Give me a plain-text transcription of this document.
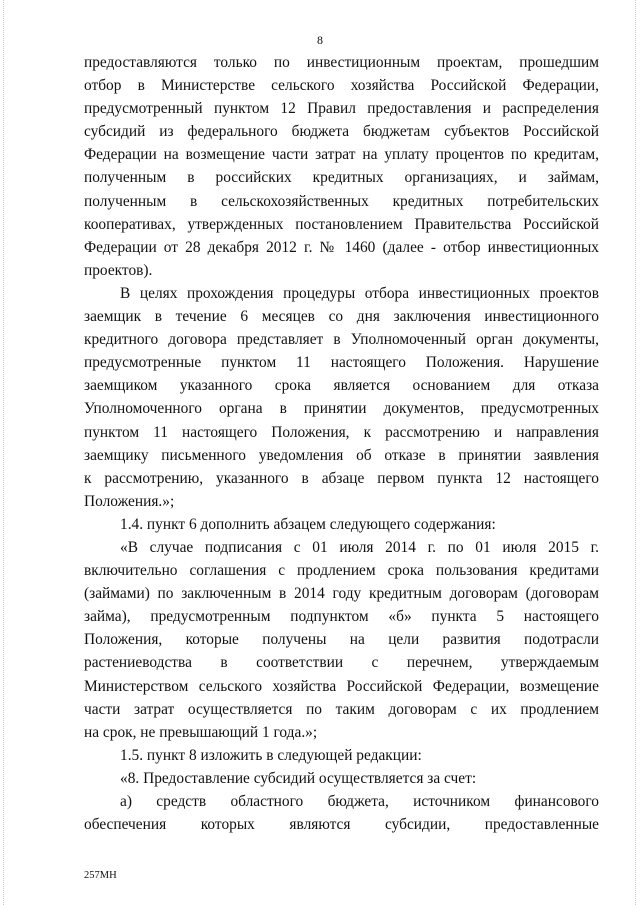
8
предоставляются только по инвестиционным проектам, прошедшим
отбор в Министерстве сельского хозяйства Российской Федерации,
предусмотренный пунктом 12 Правил предоставления и распределения
субсидий из федерального бюджета бюджетам субъектов Российской
Федерации на возмещение части затрат на уплату процентов по кредитам,
полученным в российских кредитных организациях, и займам,
полученным в сельскохозяйственных кредитных потребительских
кооперативах, утвержденных постановлением Правительства Российской
Федерации от 28 декабря 2012 г. № 1460 (далее - отбор инвестиционных
проектов).
В целях прохождения процедуры отбора инвестиционных проектов
заемщик в течение 6 месяцев со дня заключения инвестиционного
кредитного договора представляет в Уполномоченный орган документы,
предусмотренные пунктом 11 настоящего Положения. Нарушение
заемщиком указанного срока является основанием для отказа
Уполномоченного органа в принятии документов, предусмотренных
пунктом 11 настоящего Положения, к рассмотрению и направления
заемщику письменного уведомления об отказе в принятии заявления
к рассмотрению, указанного в абзаце первом пункта 12 настоящего
Положения.»;
1.4. пункт 6 дополнить абзацем следующего содержания:
«В случае подписания с 01 июля 2014 г. по 01 июля 2015 г.
включительно соглашения с продлением срока пользования кредитами
(займами) по заключенным в 2014 году кредитным договорам (договорам
займа), предусмотренным подпунктом «б» пункта 5 настоящего
Положения, которые получены на цели развития подотрасли
растениеводства в соответствии с перечнем, утверждаемым
Министерством сельского хозяйства Российской Федерации, возмещение
части затрат осуществляется по таким договорам с их продлением
на срок, не превышающий 1 года.»;
1.5. пункт 8 изложить в следующей редакции:
«8. Предоставление субсидий осуществляется за счет:
а) средств областного бюджета, источником финансового
обеспечения которых являются субсидии, предоставленные
257МН
